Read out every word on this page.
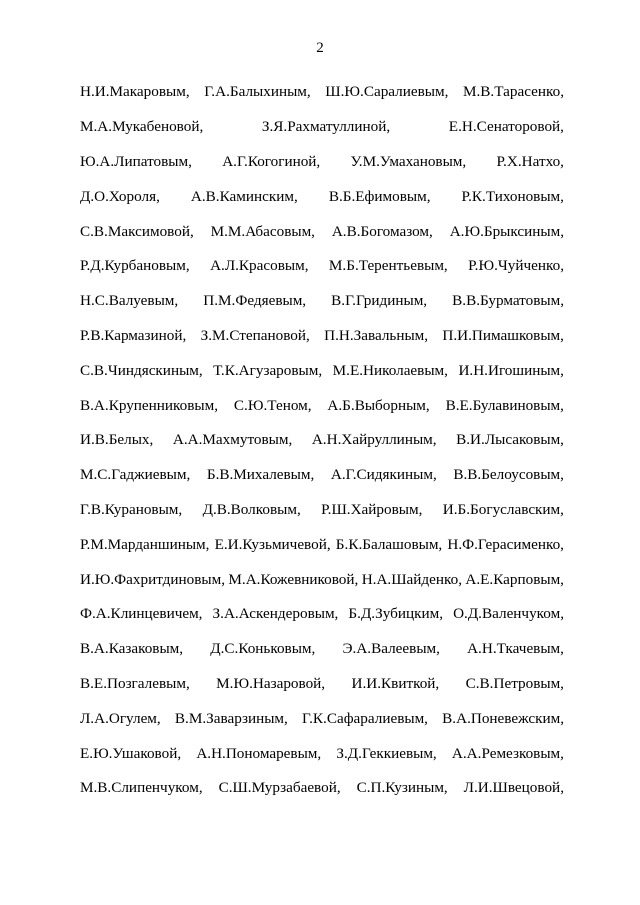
2
Н.И.Макаровым, Г.А.Балыхиным, Ш.Ю.Саралиевым, М.В.Тарасенко,
М.А.Мукабеновой,	З.Я.Рахматуллиной,	Е.Н.Сенаторовой,
Ю.А.Липатовым, А.Г.Когогиной, У.М.Умахановым, Р.Х.Натхо,
Д.О.Хороля, А.В.Каминским, В.Б.Ефимовым, Р.К.Тихоновым,
С.В.Максимовой, М.М.Абасовым, А.В.Богомазом, А.Ю.Брыксиным,
Р.Д.Курбановым, А.Л.Красовым, М.Б.Терентьевым, Р.Ю.Чуйченко,
Н.С.Валуевым, П.М.Федяевым, В.Г.Гридиным, В.В.Бурматовым,
Р.В.Кармазиной, З.М.Степановой, П.Н.Завальным, П.И.Пимашковым,
С.В.Чиндяскиным, Т.К.Агузаровым, М.Е.Николаевым, И.Н.Игошиным,
В.А.Крупенниковым, С.Ю.Теном, А.Б.Выборным, В.Е.Булавиновым,
И.В.Белых, А.А.Махмутовым, А.Н.Хайруллиным, В.И.Лысаковым,
М.С.Гаджиевым, Б.В.Михалевым, А.Г.Сидякиным, В.В.Белоусовым,
Г.В.Курановым, Д.В.Волковым, Р.Ш.Хайровым, И.Б.Богуславским,
Р.М.Марданшиным, Е.И.Кузьмичевой, Б.К.Балашовым, Н.Ф.Герасименко,
И.Ю.Фахритдиновым, М.А.Кожевниковой, Н.А.Шайденко, А.Е.Карповым,
Ф.А.Клинцевичем, З.А.Аскендеровым, Б.Д.Зубицким, О.Д.Валенчуком,
В.А.Казаковым, Д.С.Коньковым, Э.А.Валеевым, А.Н.Ткачевым,
В.Е.Позгалевым, М.Ю.Назаровой, И.И.Квиткой, С.В.Петровым,
Л.А.Огулем, В.М.Заварзиным, Г.К.Сафаралиевым, В.А.Поневежским,
Е.Ю.Ушаковой, А.Н.Пономаревым, З.Д.Геккиевым, А.А.Ремезковым,
М.В.Слипенчуком, С.Ш.Мурзабаевой, С.П.Кузиным, Л.И.Швецовой,
